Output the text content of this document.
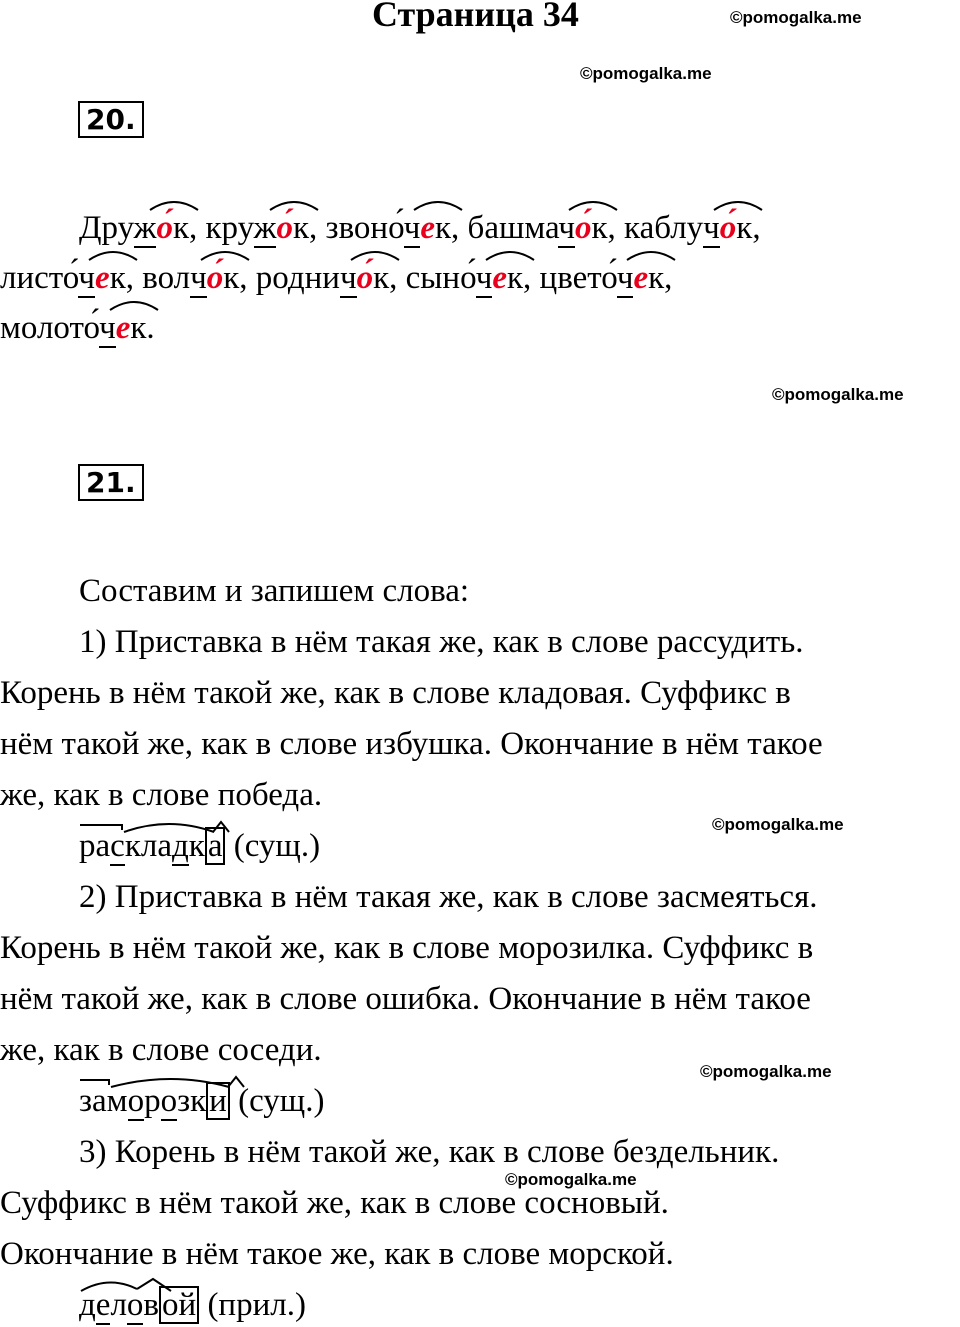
Страница 34	©pomogalka.me
©pomogalka.me
20.
Друж
о́к, круж
о́к, звоно́ч
ек, башмач
о́к, каблуч
о́к,
листо́ч
ек, волч
о́к, роднич
о́к, сыно́ч
ек, цвето́ч
ек,
молото́ч
ек.
©pomogalka.me
21.
Составим и запишем слова:
1) Приставка в нём такая же, как в слове рассудить.
Корень в нём такой же, как в слове кладовая. Суффикс в
нём такой же, как в слове избушка. Окончание в нём такое
же, как в слове победа.
©pomogalka.me
раскладка (сущ.)
2) Приставка в нём такая же, как в слове засмеяться.
Корень в нём такой же, как в слове морозилка. Суффикс в
нём такой же, как в слове ошибка. Окончание в нём такое
же, как в слове соседи.
©pomogalka.me
заморозки (сущ.)
3) Корень в нём такой же, как в слове бездельник.
©pomogalka.me
Суффикс в нём такой же, как в слове сосновый.
Окончание в нём такое же, как в слове морской.
деловой (прил.)
